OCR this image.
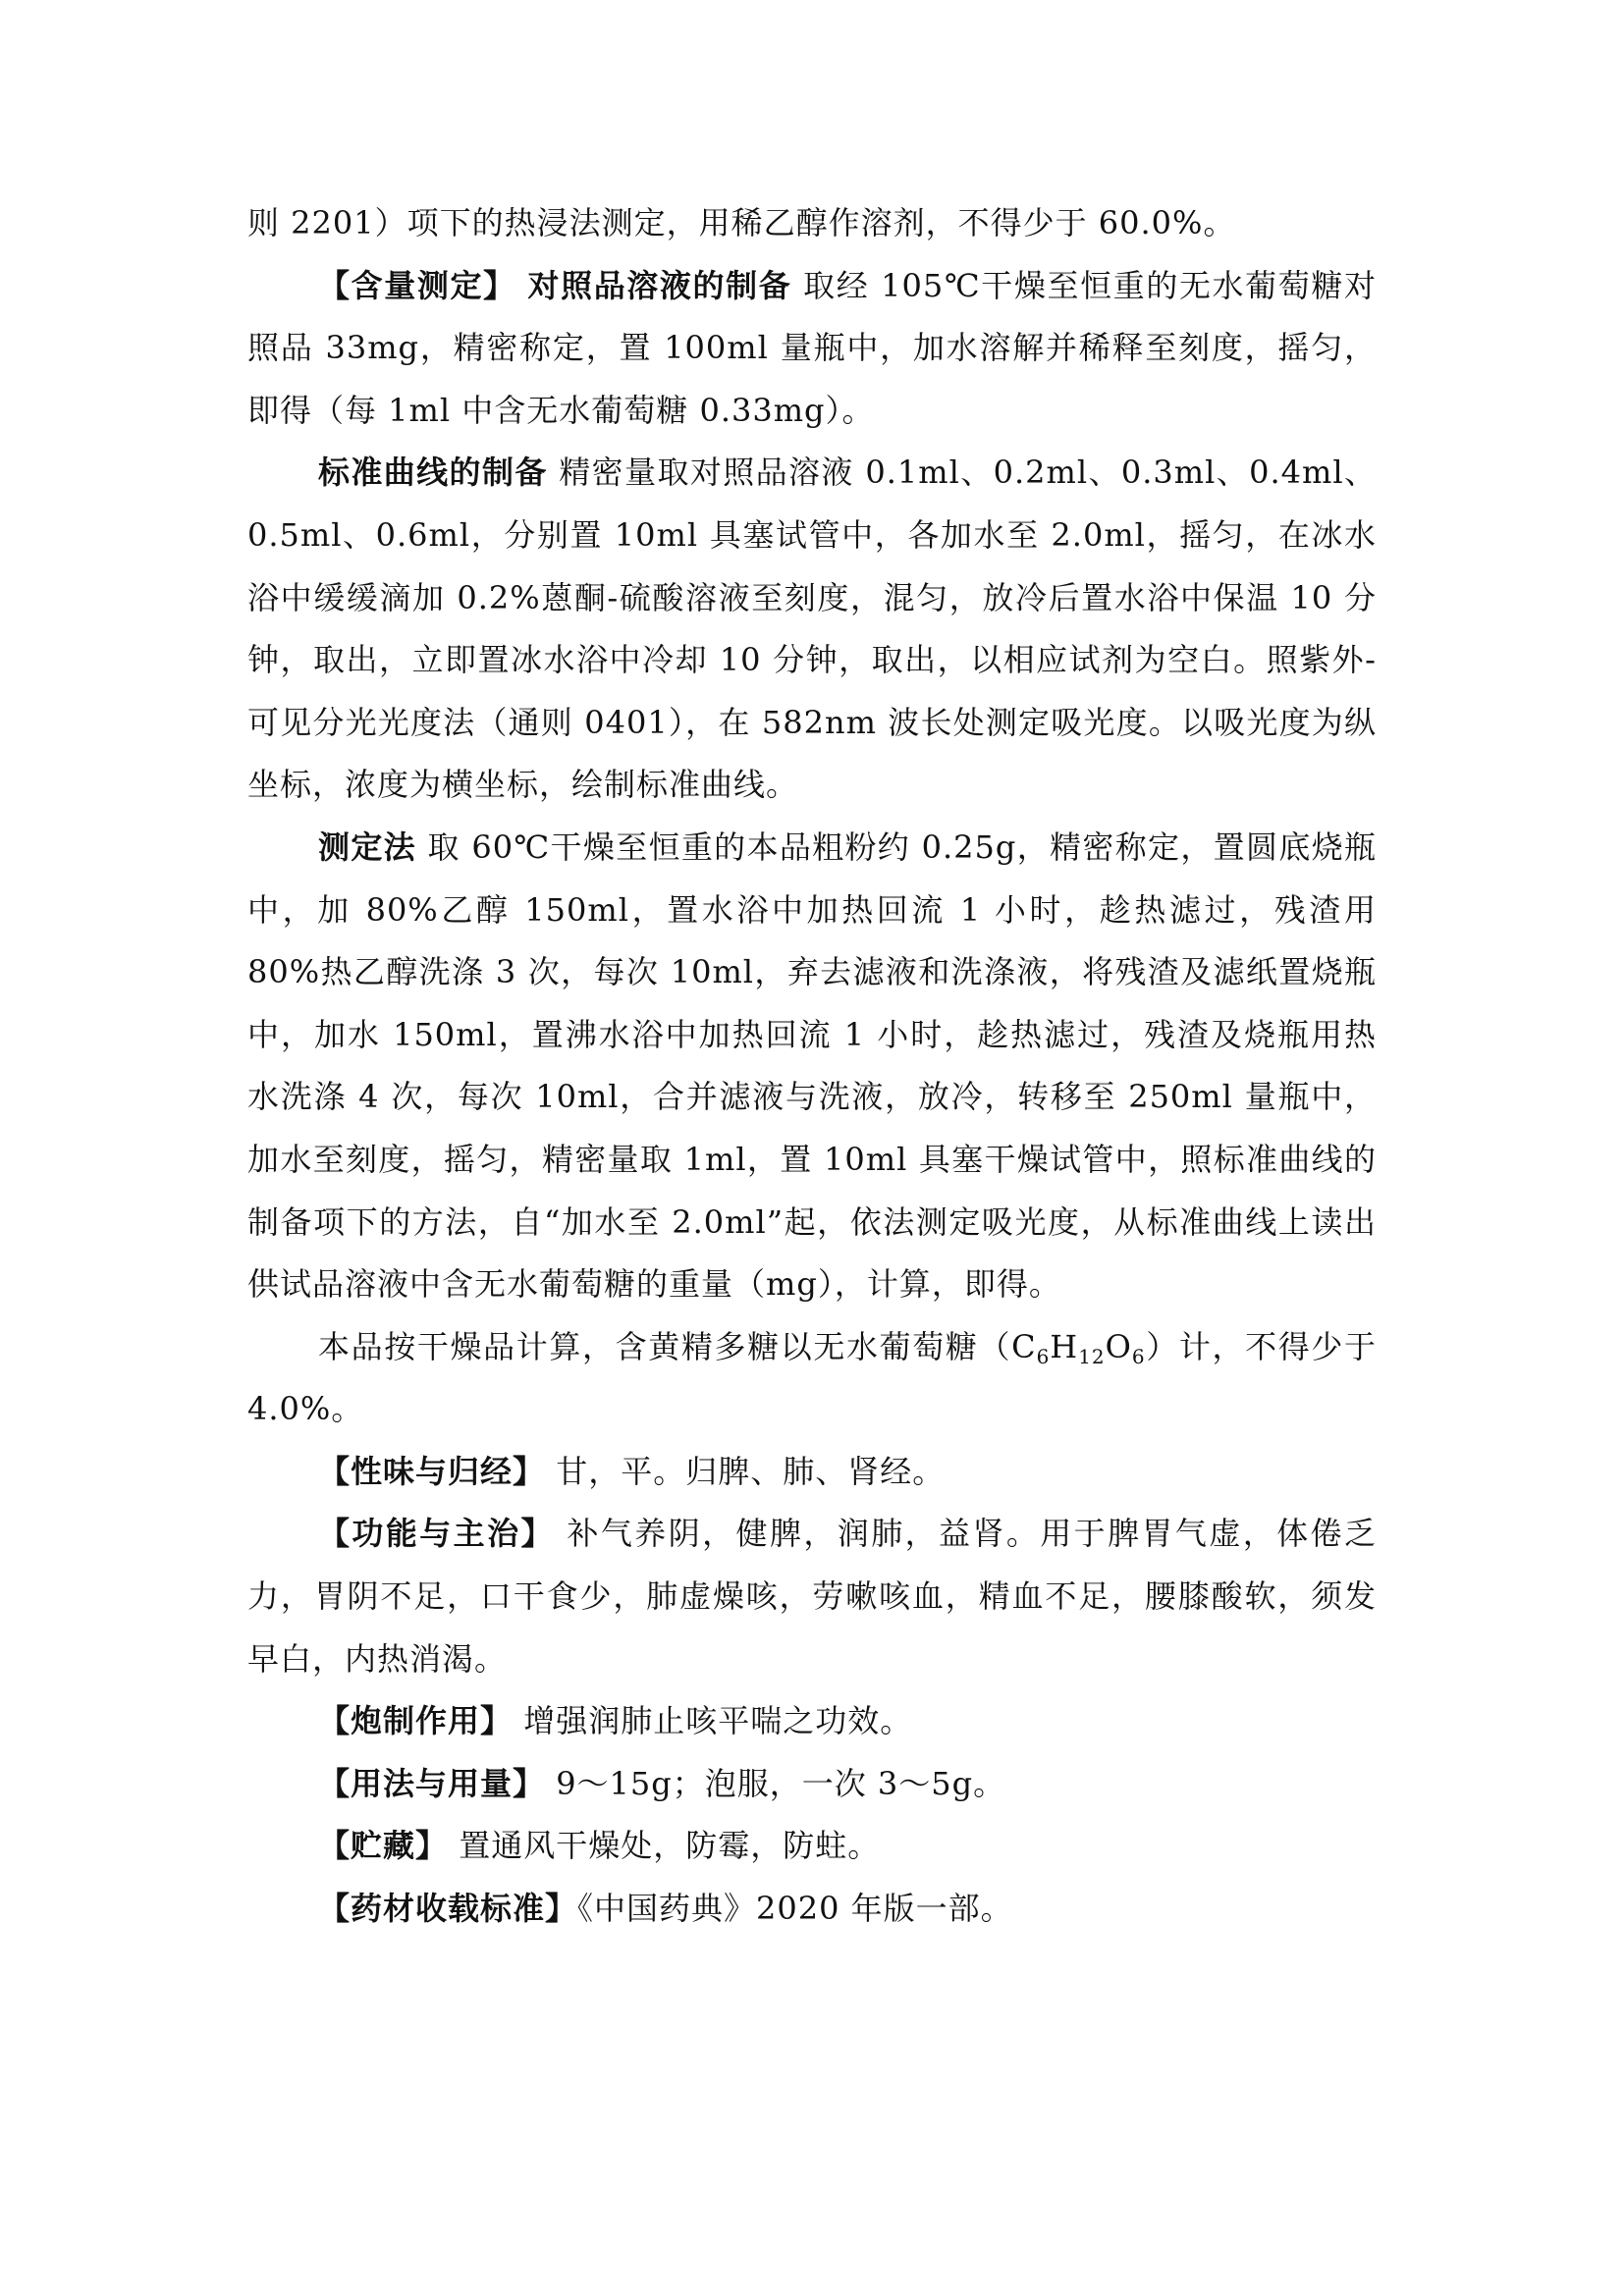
则 2201）项下的热浸法测定，用稀乙醇作溶剂，不得少于 60.0%。

【含量测定】 对照品溶液的制备 取经 105℃干燥至恒重的无水葡萄糖对照品 33mg，精密称定，置 100ml 量瓶中，加水溶解并稀释至刻度，摇匀，即得（每 1ml 中含无水葡萄糖 0.33mg）。

标准曲线的制备 精密量取对照品溶液 0.1ml、0.2ml、0.3ml、0.4ml、0.5ml、0.6ml，分别置 10ml 具塞试管中，各加水至 2.0ml，摇匀，在冰水浴中缓缓滴加 0.2%蒽酮-硫酸溶液至刻度，混匀，放冷后置水浴中保温 10 分钟，取出，立即置冰水浴中冷却 10 分钟，取出，以相应试剂为空白。照紫外-可见分光光度法（通则 0401），在 582nm 波长处测定吸光度。以吸光度为纵坐标，浓度为横坐标，绘制标准曲线。

测定法 取 60℃干燥至恒重的本品粗粉约 0.25g，精密称定，置圆底烧瓶中，加 80%乙醇 150ml，置水浴中加热回流 1 小时，趁热滤过，残渣用 80%热乙醇洗涤 3 次，每次 10ml，弃去滤液和洗涤液，将残渣及滤纸置烧瓶中，加水 150ml，置沸水浴中加热回流 1 小时，趁热滤过，残渣及烧瓶用热水洗涤 4 次，每次 10ml，合并滤液与洗液，放冷，转移至 250ml 量瓶中，加水至刻度，摇匀，精密量取 1ml，置 10ml 具塞干燥试管中，照标准曲线的制备项下的方法，自“加水至 2.0ml”起，依法测定吸光度，从标准曲线上读出供试品溶液中含无水葡萄糖的重量（mg），计算，即得。

本品按干燥品计算，含黄精多糖以无水葡萄糖$(C_6H_{12}O_6)$计，不得少于 4.0%。

【性味与归经】 甘，平。归脾、肺、肾经。

【功能与主治】 补气养阴，健脾，润肺，益肾。用于脾胃气虚，体倦乏力，胃阴不足，口干食少，肺虚燥咳，劳嗽咳血，精血不足，腰膝酸软，须发早白，内热消渴。

【炮制作用】 增强润肺止咳平喘之功效。

【用法与用量】 9～15g；泡服，一次 3～5g。

【贮藏】 置通风干燥处，防霉，防蛀。

【药材收载标准】《中国药典》2020 年版一部。
